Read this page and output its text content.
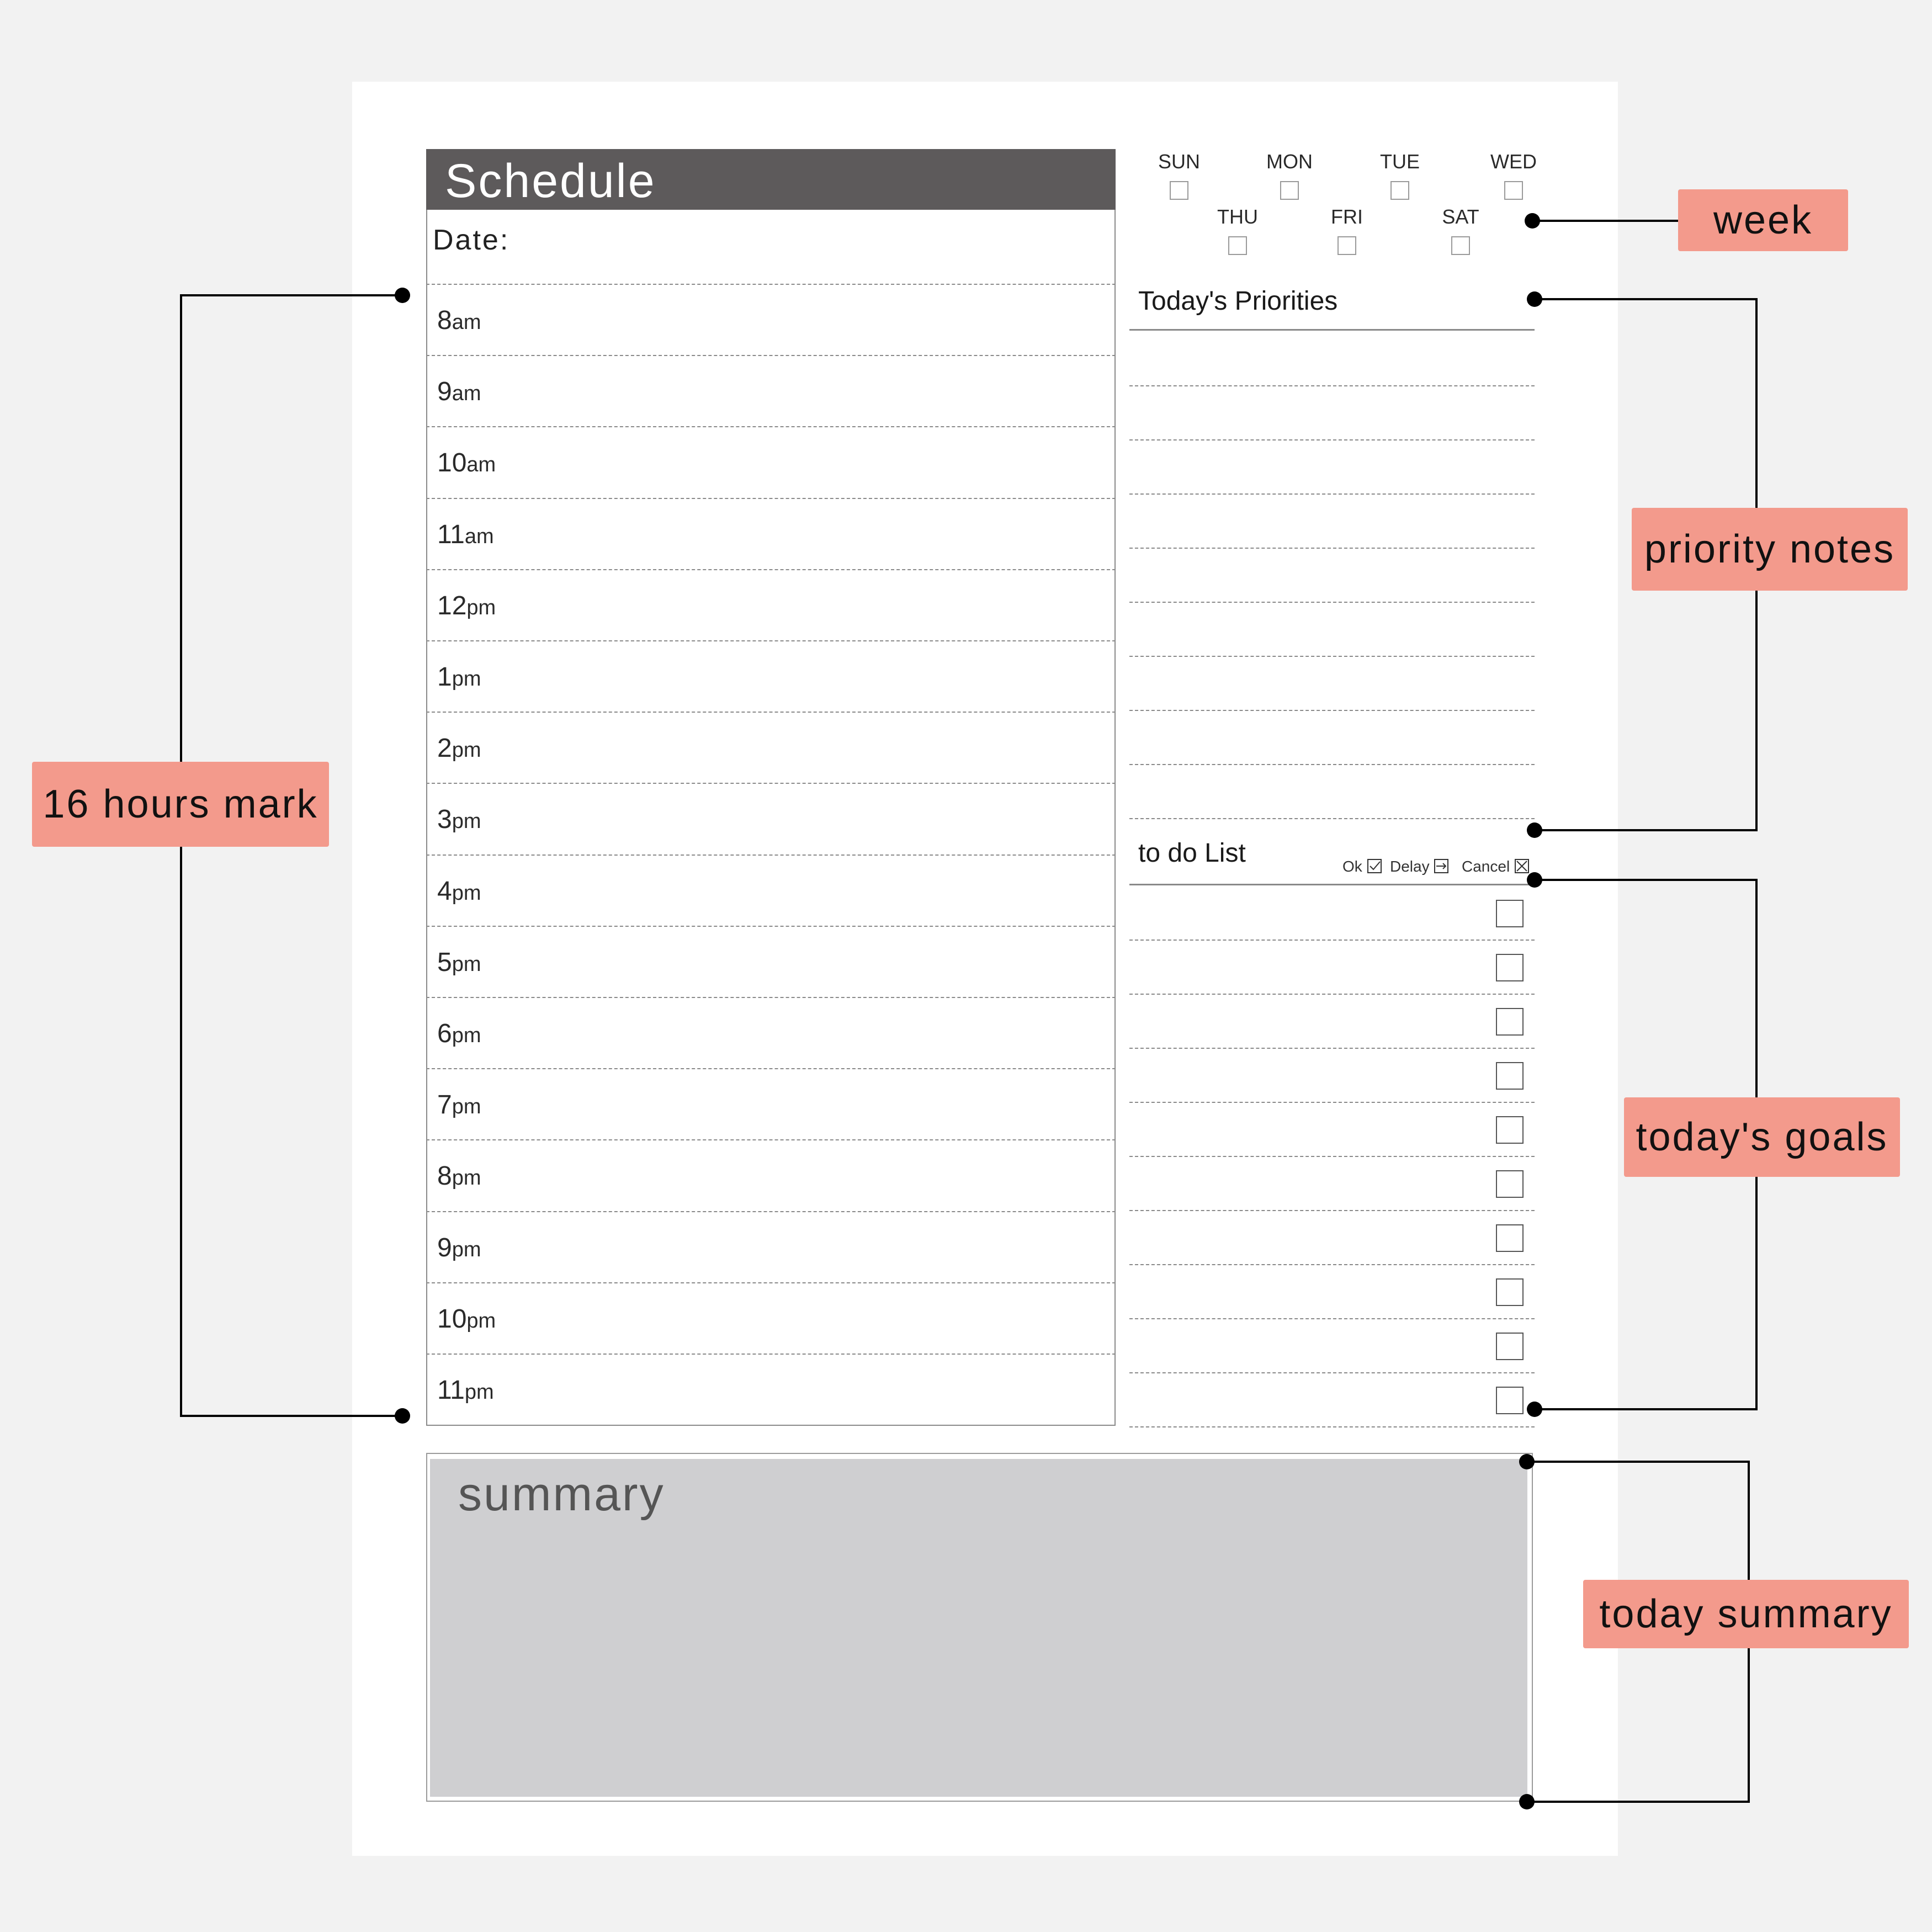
Schedule
Date:
8am
9am
10am
11am
12pm
1pm
2pm
3pm
4pm
5pm
6pm
7pm
8pm
9pm
10pm
11pm
SUN	MON	TUE	WED
THU	FRI	SAT
Today's Priorities
to do List	Ok	Delay	Cancel
summary
week
priority notes
16 hours mark
today's goals
today summary
